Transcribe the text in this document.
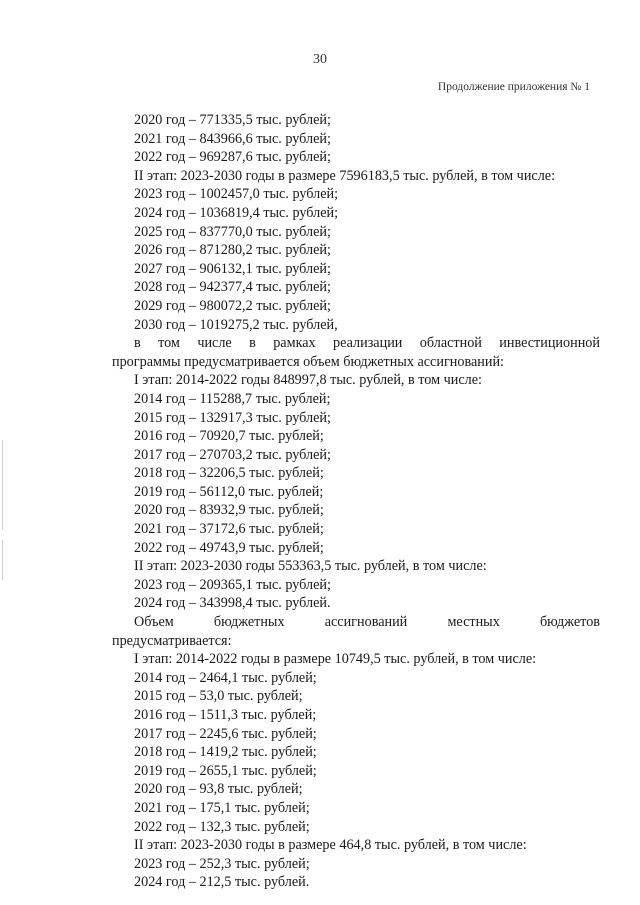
30
Продолжение приложения № 1
2020 год – 771335,5 тыс. рублей;
2021 год – 843966,6 тыс. рублей;
2022 год – 969287,6 тыс. рублей;
II этап: 2023-2030 годы в размере 7596183,5 тыс. рублей, в том числе:
2023 год – 1002457,0 тыс. рублей;
2024 год – 1036819,4 тыс. рублей;
2025 год – 837770,0 тыс. рублей;
2026 год – 871280,2 тыс. рублей;
2027 год – 906132,1 тыс. рублей;
2028 год – 942377,4 тыс. рублей;
2029 год – 980072,2 тыс. рублей;
2030 год – 1019275,2 тыс. рублей,
в том числе в рамках реализации областной инвестиционной
программы предусматривается объем бюджетных ассигнований:
I этап: 2014-2022 годы 848997,8 тыс. рублей, в том числе:
2014 год – 115288,7 тыс. рублей;
2015 год – 132917,3 тыс. рублей;
2016 год – 70920,7 тыс. рублей;
2017 год – 270703,2 тыс. рублей;
2018 год – 32206,5 тыс. рублей;
2019 год – 56112,0 тыс. рублей;
2020 год – 83932,9 тыс. рублей;
2021 год – 37172,6 тыс. рублей;
2022 год – 49743,9 тыс. рублей;
II этап: 2023-2030 годы 553363,5 тыс. рублей, в том числе:
2023 год – 209365,1 тыс. рублей;
2024 год – 343998,4 тыс. рублей.
Объем	бюджетных	ассигнований	местных	бюджетов
предусматривается:
I этап: 2014-2022 годы в размере 10749,5 тыс. рублей, в том числе:
2014 год – 2464,1 тыс. рублей;
2015 год – 53,0 тыс. рублей;
2016 год – 1511,3 тыс. рублей;
2017 год – 2245,6 тыс. рублей;
2018 год – 1419,2 тыс. рублей;
2019 год – 2655,1 тыс. рублей;
2020 год – 93,8 тыс. рублей;
2021 год – 175,1 тыс. рублей;
2022 год – 132,3 тыс. рублей;
II этап: 2023-2030 годы в размере 464,8 тыс. рублей, в том числе:
2023 год – 252,3 тыс. рублей;
2024 год – 212,5 тыс. рублей.
